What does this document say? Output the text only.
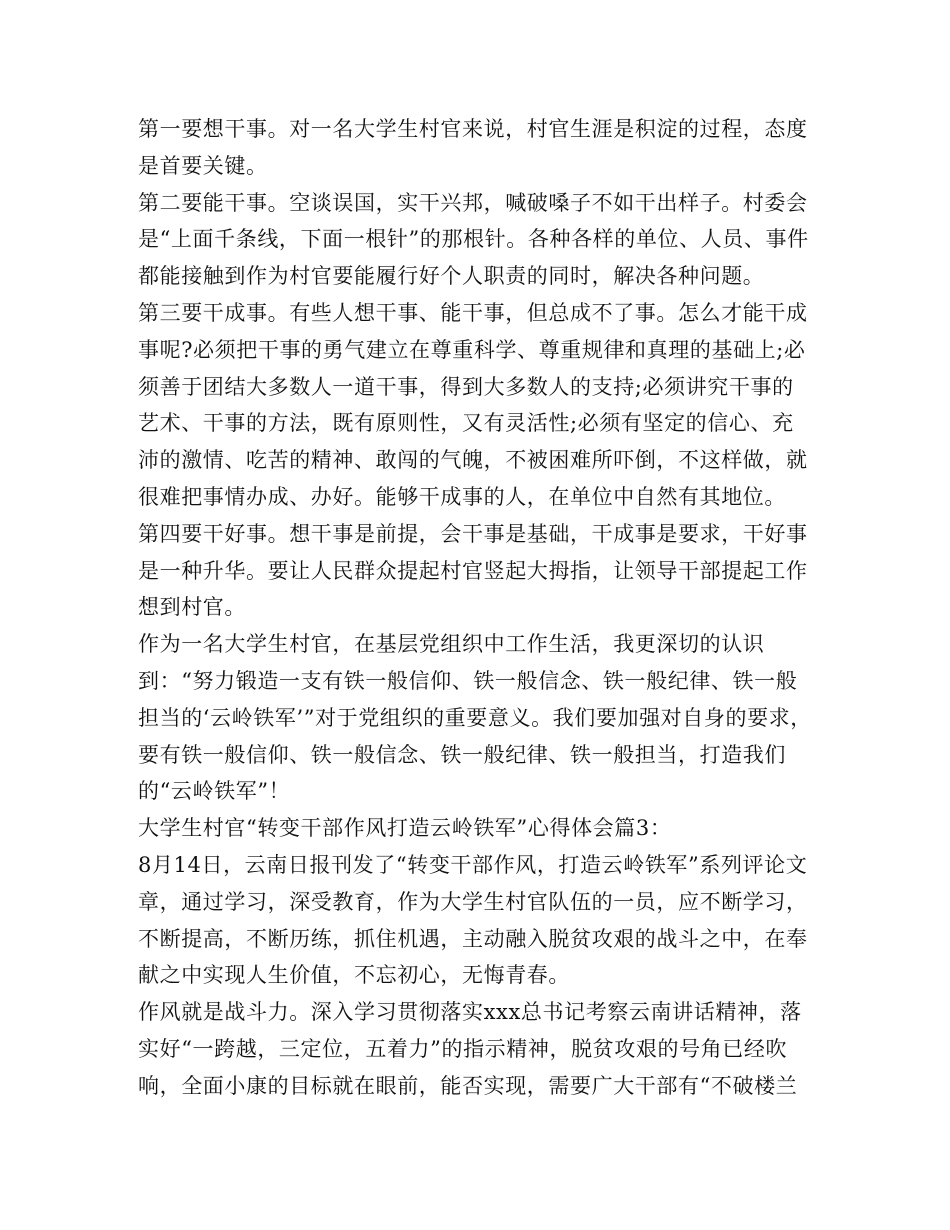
第一要想干事。对一名大学生村官来说，村官生涯是积淀的过程，态度是首要关键。

第二要能干事。空谈误国，实干兴邦，喊破嗓子不如干出样子。村委会是“上面千条线，下面一根针”的那根针。各种各样的单位、人员、事件都能接触到作为村官要能履行好个人职责的同时，解决各种问题。

第三要干成事。有些人想干事、能干事，但总成不了事。怎么才能干成事呢?必须把干事的勇气建立在尊重科学、尊重规律和真理的基础上;必须善于团结大多数人一道干事，得到大多数人的支持;必须讲究干事的艺术、干事的方法，既有原则性，又有灵活性;必须有坚定的信心、充沛的激情、吃苦的精神、敢闯的气魄，不被困难所吓倒，不这样做，就很难把事情办成、办好。能够干成事的人，在单位中自然有其地位。

第四要干好事。想干事是前提，会干事是基础，干成事是要求，干好事是一种升华。要让人民群众提起村官竖起大拇指，让领导干部提起工作想到村官。

作为一名大学生村官，在基层党组织中工作生活，我更深切的认识到：“努力锻造一支有铁一般信仰、铁一般信念、铁一般纪律、铁一般担当的‘云岭铁军’”对于党组织的重要意义。我们要加强对自身的要求，要有铁一般信仰、铁一般信念、铁一般纪律、铁一般担当，打造我们的“云岭铁军”！

大学生村官“转变干部作风打造云岭铁军”心得体会篇3：

8月14日，云南日报刊发了“转变干部作风，打造云岭铁军”系列评论文章，通过学习，深受教育，作为大学生村官队伍的一员，应不断学习，不断提高，不断历练，抓住机遇，主动融入脱贫攻艰的战斗之中，在奉献之中实现人生价值，不忘初心，无悔青春。

作风就是战斗力。深入学习贯彻落实xxx总书记考察云南讲话精神，落实好“一跨越，三定位，五着力”的指示精神，脱贫攻艰的号角已经吹响，全面小康的目标就在眼前，能否实现，需要广大干部有“不破楼兰
